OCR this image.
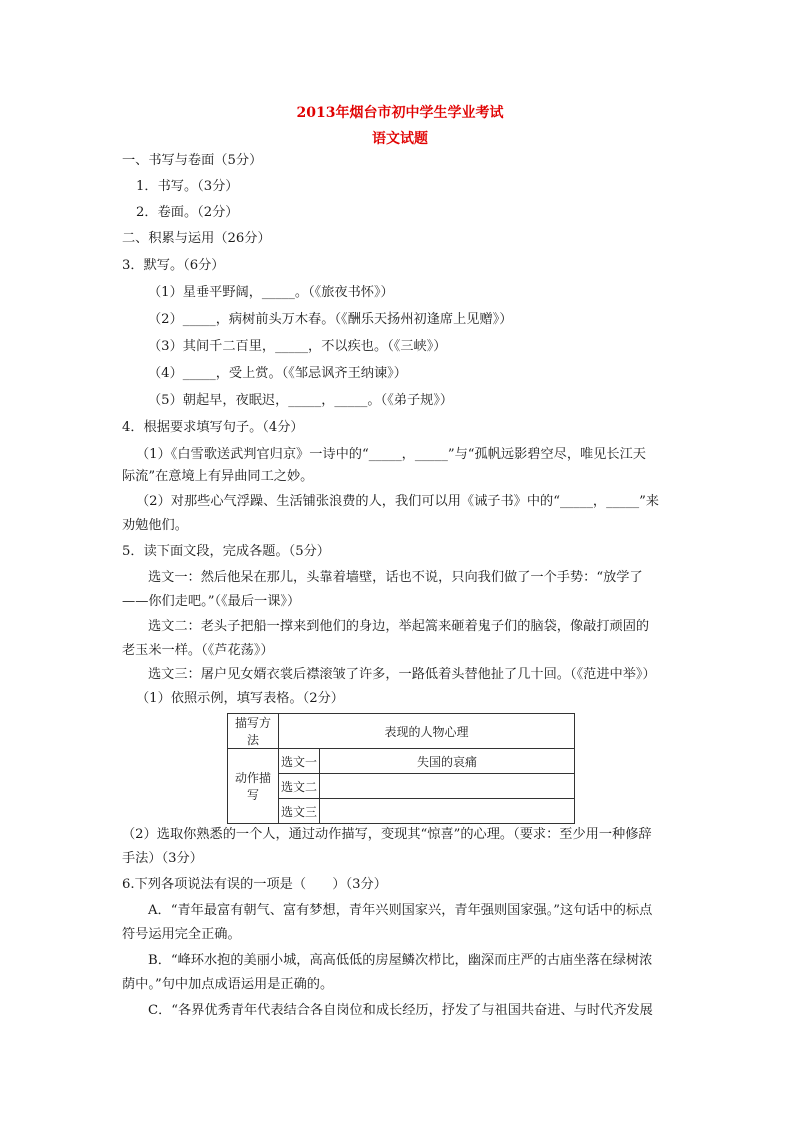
2013年烟台市初中学生学业考试
语文试题
一、书写与卷面（5分）
1．书写。（3分）
2．卷面。（2分）
二、积累与运用（26分）
3．默写。（6分）
（1）星垂平野阔，_____。（《旅夜书怀》）
（2）_____，病树前头万木春。（《酬乐天扬州初逢席上见赠》）
（3）其间千二百里，_____，不以疾也。（《三峡》）
（4）_____，受上赏。（《邹忌讽齐王纳谏》）
（5）朝起早，夜眠迟，_____，_____。（《弟子规》）
4．根据要求填写句子。（4分）
（1）《白雪歌送武判官归京》一诗中的“_____，_____”与“孤帆远影碧空尽，唯见长江天
际流”在意境上有异曲同工之妙。
（2）对那些心气浮躁、生活铺张浪费的人，我们可以用《诫子书》中的“_____，_____”来
劝勉他们。
5．读下面文段，完成各题。（5分）
选文一：然后他呆在那儿，头靠着墙壁，话也不说，只向我们做了一个手势：“放学了
——你们走吧。”（《最后一课》）
选文二：老头子把船一撑来到他们的身边，举起篙来砸着鬼子们的脑袋，像敲打顽固的
老玉米一样。（《芦花荡》）
选文三：屠户见女婿衣裳后襟滚皱了许多，一路低着头替他扯了几十回。（《范进中举》）
（1）依照示例，填写表格。（2分）
描写方法	表现的人物心理	
动作描写	选文一	失国的哀痛
	选文二	
	选文三	
（2）选取你熟悉的一个人，通过动作描写，变现其“惊喜”的心理。（要求：至少用一种修辞
手法）（3分）
6.下列各项说法有误的一项是（　　）（3分）
A．“青年最富有朝气、富有梦想，青年兴则国家兴，青年强则国家强。”这句话中的标点
符号运用完全正确。
B．“峰环水抱的美丽小城，高高低低的房屋鳞次栉比，幽深而庄严的古庙坐落在绿树浓
荫中。”句中加点成语运用是正确的。
C．“各界优秀青年代表结合各自岗位和成长经历，抒发了与祖国共奋进、与时代齐发展
